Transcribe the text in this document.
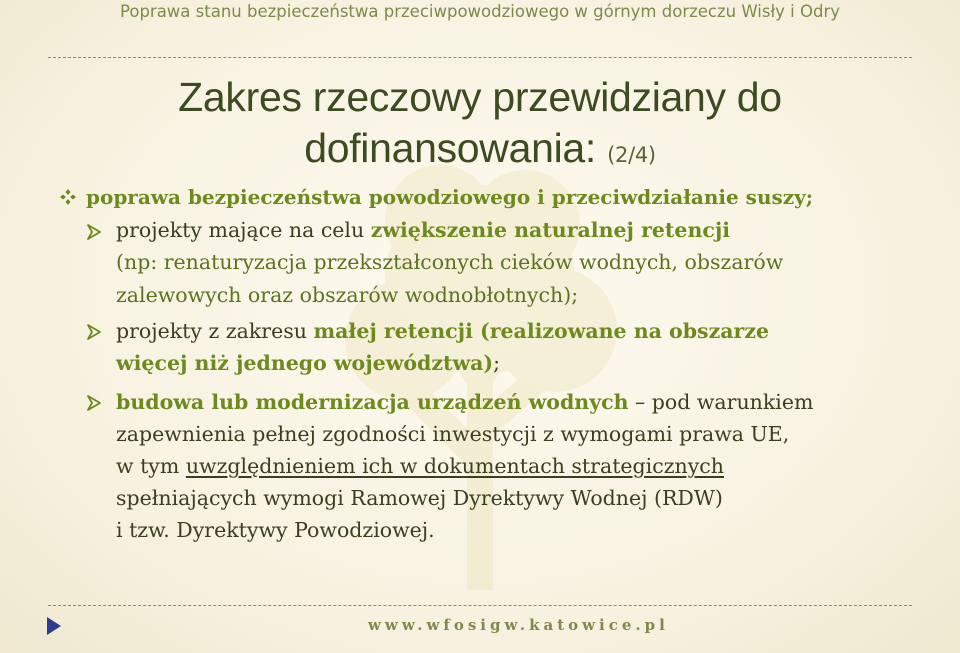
Poprawa stanu bezpieczeństwa przeciwpowodziowego w górnym dorzeczu Wisły i Odry
Zakres rzeczowy przewidziany do
dofinansowania: (2/4)
poprawa bezpieczeństwa powodziowego i przeciwdziałanie suszy;
projekty mające na celu zwiększenie naturalnej retencji
(np: renaturyzacja przekształconych cieków wodnych, obszarów
zalewowych oraz obszarów wodnobłotnych);
projekty z zakresu małej retencji (realizowane na obszarze
więcej niż jednego województwa);
budowa lub modernizacja urządzeń wodnych – pod warunkiem
zapewnienia pełnej zgodności inwestycji z wymogami prawa UE,
w tym uwzględnieniem ich w dokumentach strategicznych
spełniających wymogi Ramowej Dyrektywy Wodnej (RDW)
i tzw. Dyrektywy Powodziowej.
www.wfosigw.katowice.pl
